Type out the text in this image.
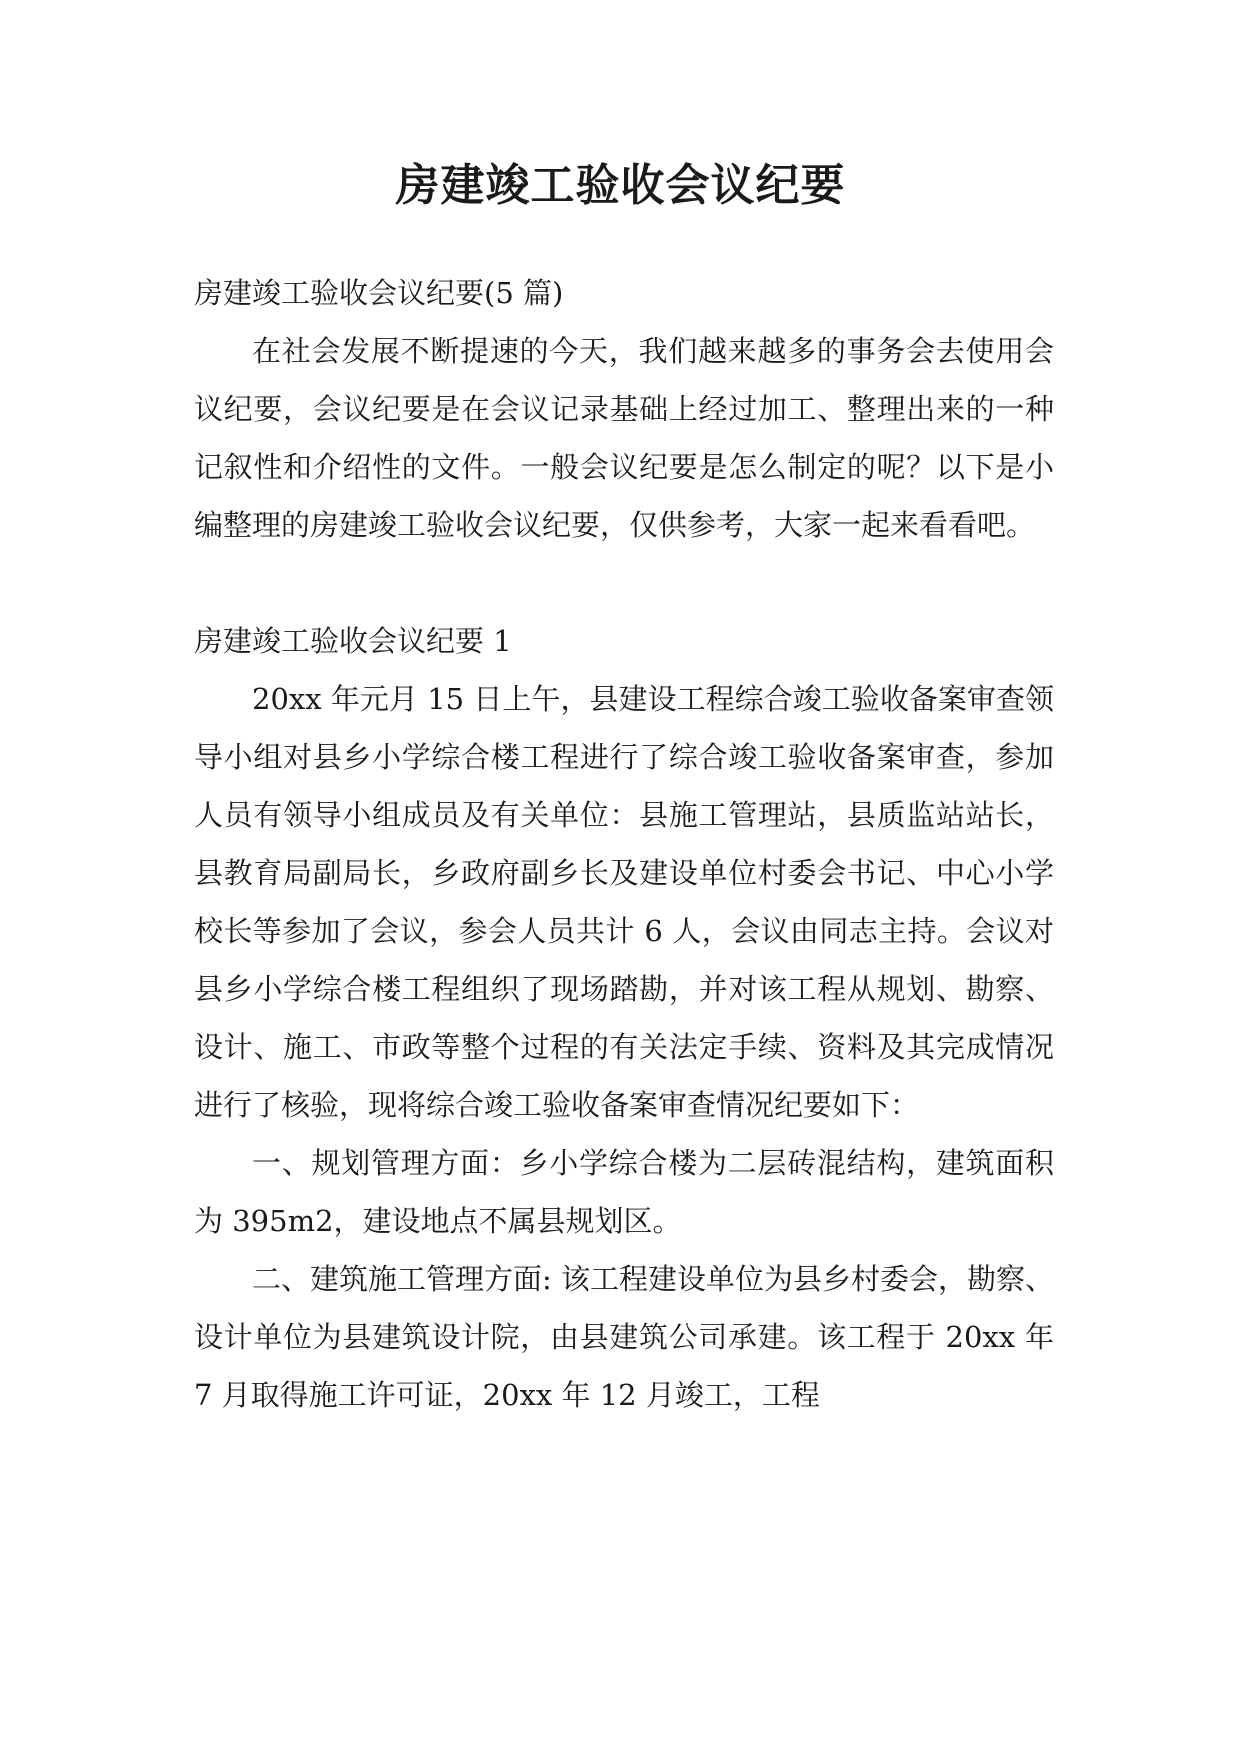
房建竣工验收会议纪要

房建竣工验收会议纪要(5 篇)

在社会发展不断提速的今天，我们越来越多的事务会去使用会议纪要，会议纪要是在会议记录基础上经过加工、整理出来的一种记叙性和介绍性的文件。一般会议纪要是怎么制定的呢？以下是小编整理的房建竣工验收会议纪要，仅供参考，大家一起来看看吧。

房建竣工验收会议纪要 1

20xx 年元月 15 日上午，县建设工程综合竣工验收备案审查领导小组对县乡小学综合楼工程进行了综合竣工验收备案审查，参加人员有领导小组成员及有关单位：县施工管理站，县质监站站长，县教育局副局长，乡政府副乡长及建设单位村委会书记、中心小学校长等参加了会议，参会人员共计 6 人，会议由同志主持。会议对县乡小学综合楼工程组织了现场踏勘，并对该工程从规划、勘察、设计、施工、市政等整个过程的有关法定手续、资料及其完成情况进行了核验，现将综合竣工验收备案审查情况纪要如下：

一、规划管理方面：乡小学综合楼为二层砖混结构，建筑面积为 395m2，建设地点不属县规划区。

二、建筑施工管理方面: 该工程建设单位为县乡村委会，勘察、设计单位为县建筑设计院，由县建筑公司承建。该工程于 20xx 年 7 月取得施工许可证，20xx 年 12 月竣工，工程
